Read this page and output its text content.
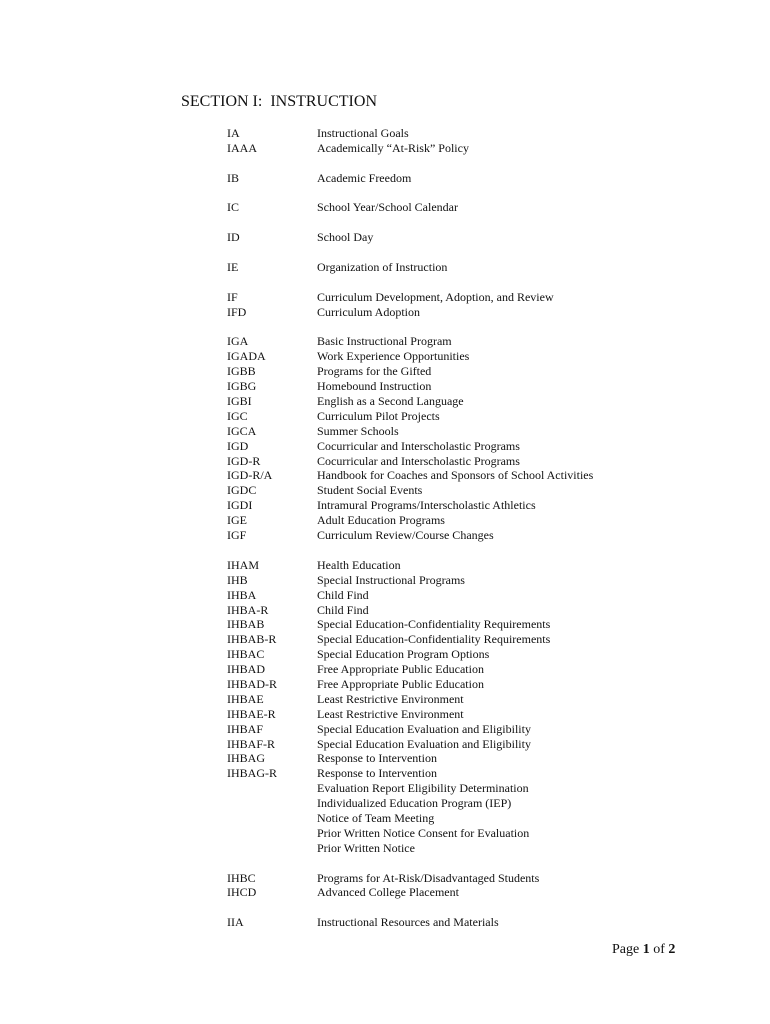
SECTION I:  INSTRUCTION
IA	Instructional Goals
IAAA	Academically “At-Risk” Policy
IB	Academic Freedom
IC	School Year/School Calendar
ID	School Day
IE	Organization of Instruction
IF	Curriculum Development, Adoption, and Review
IFD	Curriculum Adoption
IGA	Basic Instructional Program
IGADA	Work Experience Opportunities
IGBB	Programs for the Gifted
IGBG	Homebound Instruction
IGBI	English as a Second Language
IGC	Curriculum Pilot Projects
IGCA	Summer Schools
IGD	Cocurricular and Interscholastic Programs
IGD-R	Cocurricular and Interscholastic Programs
IGD-R/A	Handbook for Coaches and Sponsors of School Activities
IGDC	Student Social Events
IGDI	Intramural Programs/Interscholastic Athletics
IGE	Adult Education Programs
IGF	Curriculum Review/Course Changes
IHAM	Health Education
IHB	Special Instructional Programs
IHBA	Child Find
IHBA-R	Child Find
IHBAB	Special Education-Confidentiality Requirements
IHBAB-R	Special Education-Confidentiality Requirements
IHBAC	Special Education Program Options
IHBAD	Free Appropriate Public Education
IHBAD-R	Free Appropriate Public Education
IHBAE	Least Restrictive Environment
IHBAE-R	Least Restrictive Environment
IHBAF	Special Education Evaluation and Eligibility
IHBAF-R	Special Education Evaluation and Eligibility
IHBAG	Response to Intervention
IHBAG-R	Response to Intervention
Evaluation Report Eligibility Determination
Individualized Education Program (IEP)
Notice of Team Meeting
Prior Written Notice Consent for Evaluation
Prior Written Notice
IHBC	Programs for At-Risk/Disadvantaged Students
IHCD	Advanced College Placement
IIA	Instructional Resources and Materials
Page 1 of 2
